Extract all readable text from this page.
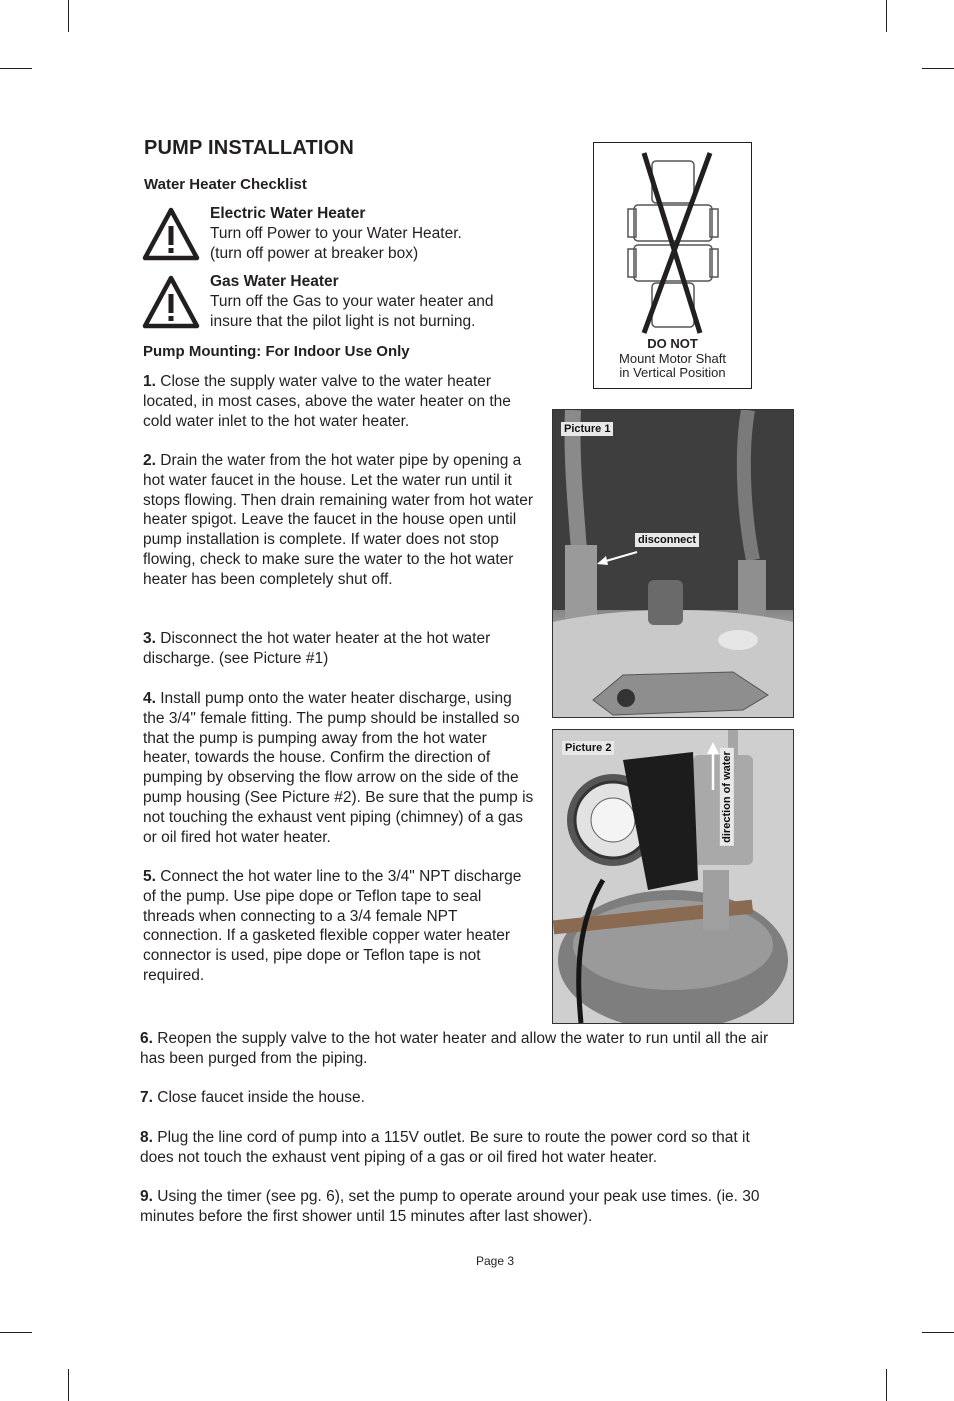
PUMP INSTALLATION
Water Heater Checklist
Electric Water Heater
Turn off Power to your Water Heater.
(turn off power at breaker box)
Gas Water Heater
Turn off the Gas to your water heater and
insure that the pilot light is not burning.
Pump Mounting: For Indoor Use Only
1. Close the supply water valve to the water heater located, in most cases, above the water heater on the cold water inlet to the hot water heater.
2. Drain the water from the hot water pipe by opening a hot water faucet in the house. Let the water run until it stops flowing. Then drain remaining water from hot water heater spigot. Leave the faucet in the house open until pump installation is complete. If water does not stop flowing, check to make sure the water to the hot water heater has been completely shut off.
3. Disconnect the hot water heater at the hot water discharge. (see Picture #1)
4. Install pump onto the water heater discharge, using the 3/4" female fitting. The pump should be installed so that the pump is pumping away from the hot water heater, towards the house. Confirm the direction of pumping by observing the flow arrow on the side of the pump housing (See Picture #2). Be sure that the pump is not touching the exhaust vent piping (chimney) of a gas or oil fired hot water heater.
5. Connect the hot water line to the 3/4" NPT discharge of the pump. Use pipe dope or Teflon tape to seal threads when connecting to a 3/4 female NPT connection. If a gasketed flexible copper water heater connector is used, pipe dope or Teflon tape is not required.
6. Reopen the supply valve to the hot water heater and allow the water to run until all the air has been purged from the piping.
7. Close faucet inside the house.
8. Plug the line cord of pump into a 115V outlet. Be sure to route the power cord so that it does not touch the exhaust vent piping of a gas or oil fired hot water heater.
9. Using the timer (see pg. 6), set the pump to operate around your peak use times. (ie. 30 minutes before the first shower until 15 minutes after last shower).
DO NOT
Mount Motor Shaft
in Vertical Position
Picture 1
disconnect
Picture 2
direction of water
Page 3
